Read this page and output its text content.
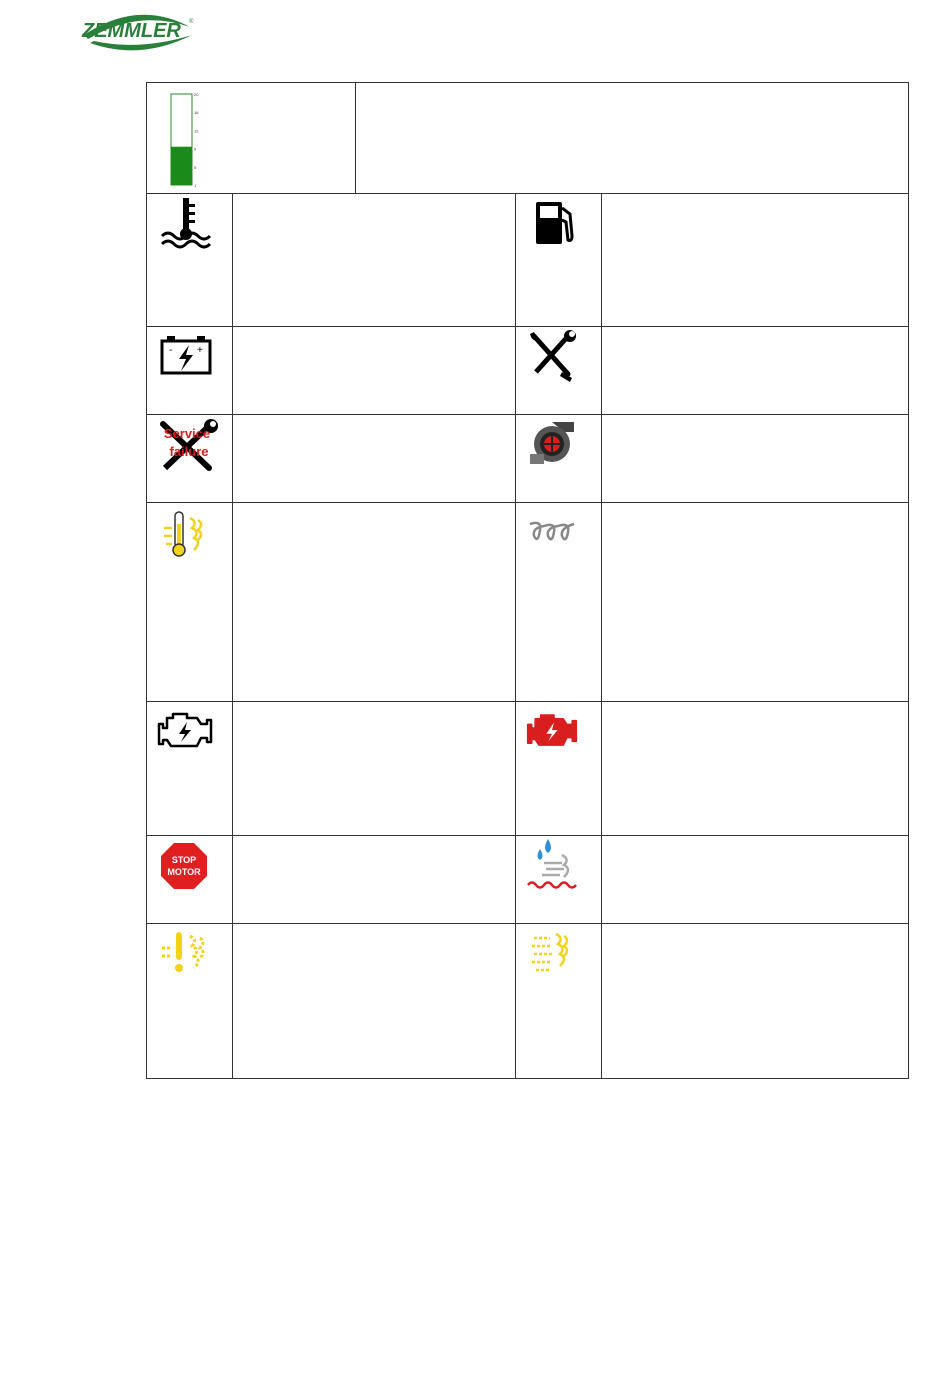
ZEMMLER ®
20
16
12
9
5
1
- +
Service
failure
STOP
MOTOR
